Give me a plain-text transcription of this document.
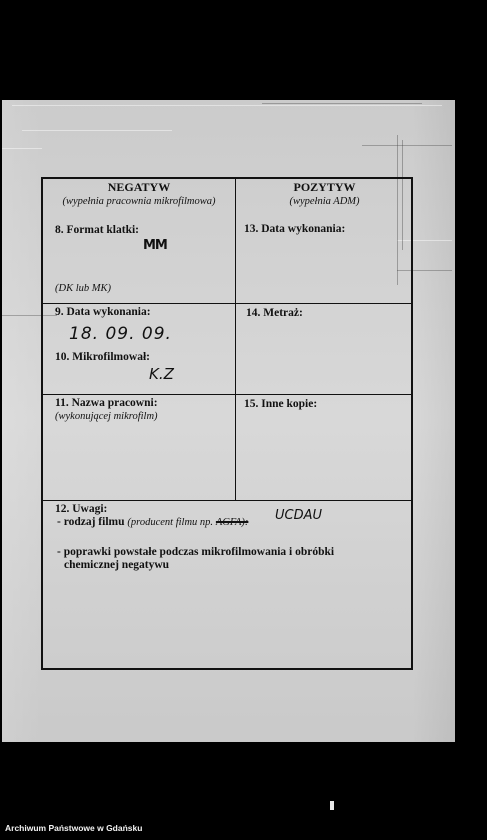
NEGATYW
(wypełnia pracownia mikrofilmowa)
8. Format klatki:
MM
(DK lub MK)
9. Data wykonania:
18. 09. 09.
10. Mikrofilmował:
K.Z
11. Nazwa pracowni:
(wykonującej mikrofilm)
POZYTYW
(wypełnia ADM)
13. Data wykonania:
14. Metraż:
15. Inne kopie:
12. Uwagi:
- rodzaj filmu (producent filmu np. AGFA): UCDAU
- poprawki powstałe podczas mikrofilmowania i obróbki
chemicznej negatywu
Archiwum Państwowe w Gdańsku
